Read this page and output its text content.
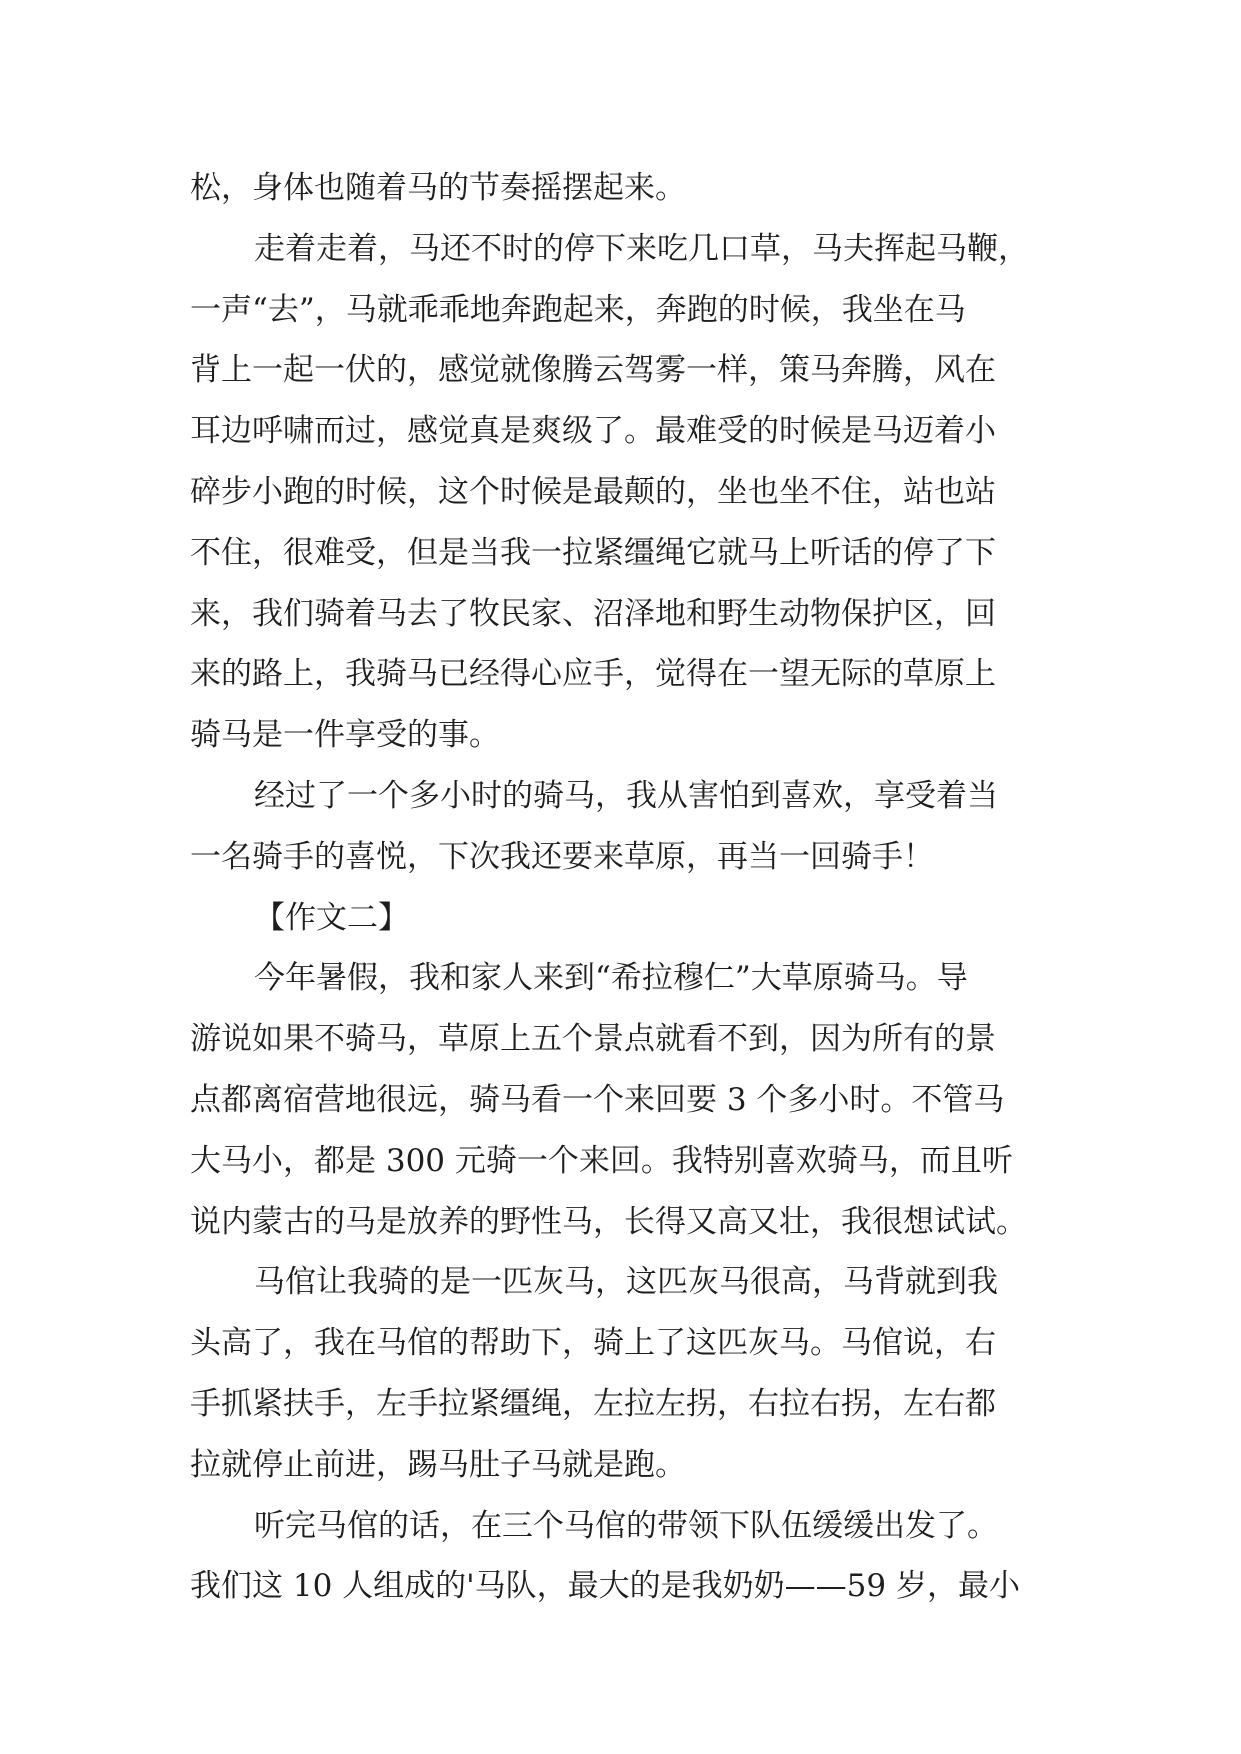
松，身体也随着马的节奏摇摆起来。
走着走着，马还不时的停下来吃几口草，马夫挥起马鞭，
一声“去”，马就乖乖地奔跑起来，奔跑的时候，我坐在马
背上一起一伏的，感觉就像腾云驾雾一样，策马奔腾，风在
耳边呼啸而过，感觉真是爽级了。最难受的时候是马迈着小
碎步小跑的时候，这个时候是最颠的，坐也坐不住，站也站
不住，很难受，但是当我一拉紧缰绳它就马上听话的停了下
来，我们骑着马去了牧民家、沼泽地和野生动物保护区，回
来的路上，我骑马已经得心应手，觉得在一望无际的草原上
骑马是一件享受的事。
经过了一个多小时的骑马，我从害怕到喜欢，享受着当
一名骑手的喜悦，下次我还要来草原，再当一回骑手！
【作文二】
今年暑假，我和家人来到“希拉穆仁”大草原骑马。导
游说如果不骑马，草原上五个景点就看不到，因为所有的景
点都离宿营地很远，骑马看一个来回要 3 个多小时。不管马
大马小，都是 300 元骑一个来回。我特别喜欢骑马，而且听
说内蒙古的马是放养的野性马，长得又高又壮，我很想试试。
马倌让我骑的是一匹灰马，这匹灰马很高，马背就到我
头高了，我在马倌的帮助下，骑上了这匹灰马。马倌说，右
手抓紧扶手，左手拉紧缰绳，左拉左拐，右拉右拐，左右都
拉就停止前进，踢马肚子马就是跑。
听完马倌的话，在三个马倌的带领下队伍缓缓出发了。
我们这 10 人组成的'马队，最大的是我奶奶——59 岁，最小
